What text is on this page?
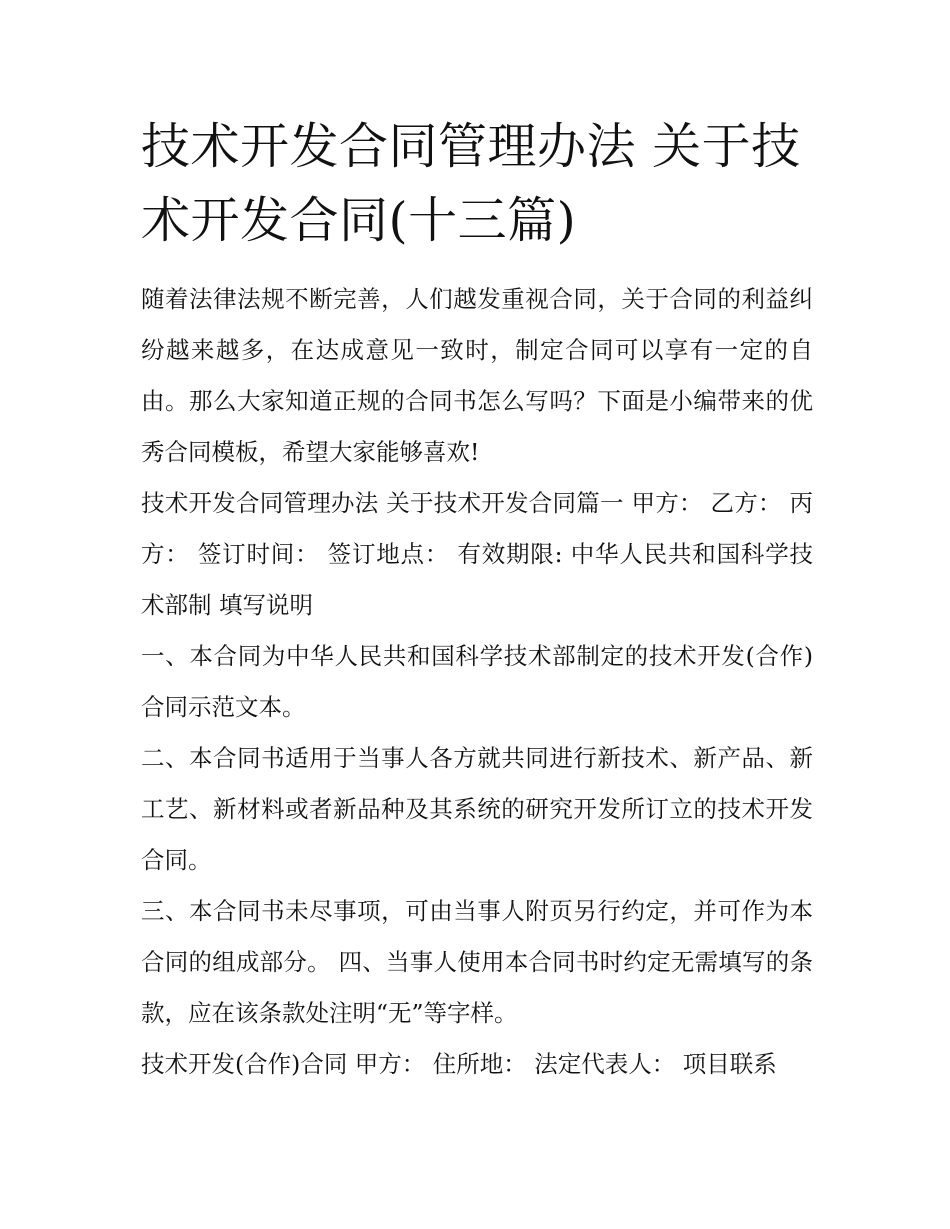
技术开发合同管理办法 关于技术开发合同(十三篇)

随着法律法规不断完善，人们越发重视合同，关于合同的利益纠纷越来越多，在达成意见一致时，制定合同可以享有一定的自由。那么大家知道正规的合同书怎么写吗？下面是小编带来的优秀合同模板，希望大家能够喜欢!

技术开发合同管理办法 关于技术开发合同篇一 甲方： 乙方： 丙方： 签订时间： 签订地点： 有效期限: 中华人民共和国科学技术部制 填写说明

一、本合同为中华人民共和国科学技术部制定的技术开发(合作)合同示范文本。

二、本合同书适用于当事人各方就共同进行新技术、新产品、新工艺、新材料或者新品种及其系统的研究开发所订立的技术开发合同。

三、本合同书未尽事项，可由当事人附页另行约定，并可作为本合同的组成部分。 四、当事人使用本合同书时约定无需填写的条款，应在该条款处注明“无”等字样。

技术开发(合作)合同 甲方： 住所地： 法定代表人： 项目联系
